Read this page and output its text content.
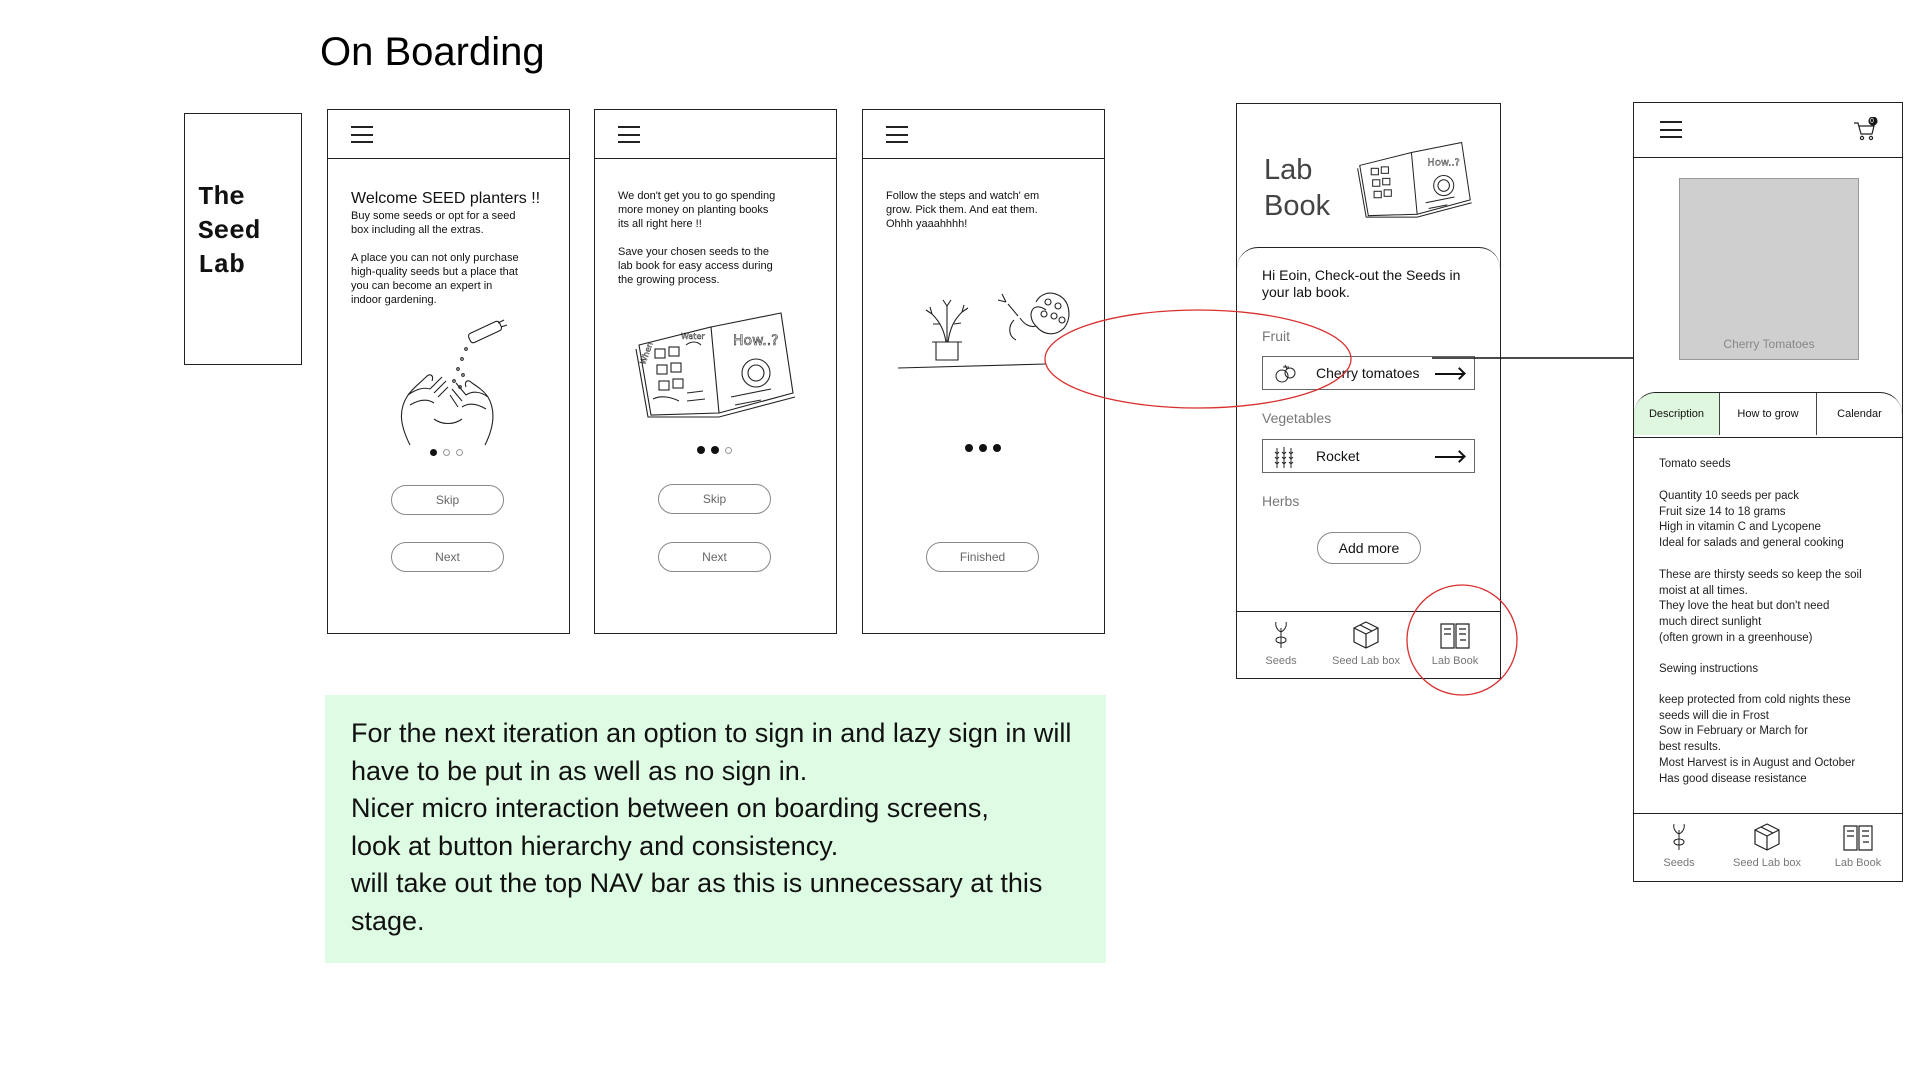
On Boarding
The
Seed
Lab
Welcome SEED planters !!
Buy some seeds or opt for a seed
box including all the extras.

A place you can not only purchase
high-quality seeds but a place that
you can become an expert in
indoor gardening.
Skip
Next
We don't get you to go spending
more money on planting books
its all right here !!

Save your chosen seeds to the
lab book for easy access during
the growing process.
How..?
Water
When
Skip
Next
Follow the steps and watch' em
grow. Pick them. And eat them.
Ohhh yaaahhhh!
Finished

For the next iteration an option to sign in and lazy sign in will

have to be put in as well as no sign in.

Nicer micro interaction between on boarding screens,

look at button hierarchy and consistency.

will take out the top NAV bar as this is unnecessary at this

stage.

Lab
Book
How..?
Hi Eoin, Check-out the Seeds in your lab book.
Fruit
Cherry tomatoes
Vegetables
Rocket
Herbs
Add more
Seeds	Seed Lab box	Lab Book
0
Cherry Tomatoes
Description	How to grow	Calendar
Tomato seeds
Quantity 10 seeds per pack
Fruit size 14 to 18 grams
High in vitamin C and Lycopene
Ideal for salads and general cooking
These are thirsty seeds so keep the soil
moist at all times.
They love the heat but don't need
much direct sunlight
(often grown in a greenhouse)
Sewing instructions
keep protected from cold nights these
seeds will die in Frost
Sow in February or March for
best results.
Most Harvest is in August and October
Has good disease resistance
Seeds	Seed Lab box	Lab Book
